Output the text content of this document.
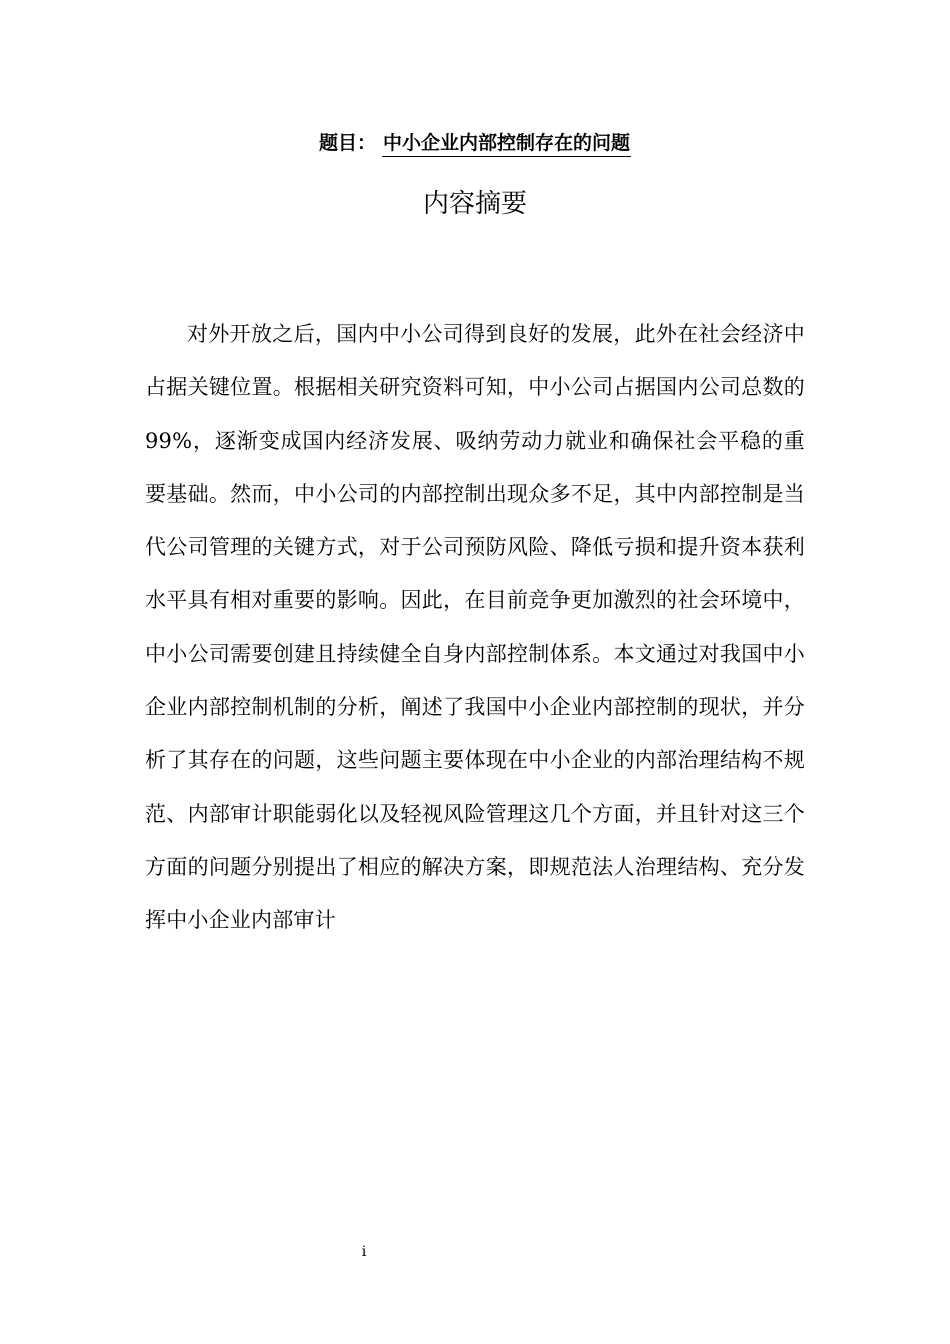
题目： 中小企业内部控制存在的问题
内容摘要

对外开放之后，国内中小公司得到良好的发展，此外在社会经济中占据关键位置。根据相关研究资料可知，中小公司占据国内公司总数的99%，逐渐变成国内经济发展、吸纳劳动力就业和确保社会平稳的重要基础。然而，中小公司的内部控制出现众多不足，其中内部控制是当代公司管理的关键方式，对于公司预防风险、降低亏损和提升资本获利水平具有相对重要的影响。因此，在目前竞争更加激烈的社会环境中，中小公司需要创建且持续健全自身内部控制体系。本文通过对我国中小企业内部控制机制的分析，阐述了我国中小企业内部控制的现状，并分析了其存在的问题，这些问题主要体现在中小企业的内部治理结构不规范、内部审计职能弱化以及轻视风险管理这几个方面，并且针对这三个方面的问题分别提出了相应的解决方案，即规范法人治理结构、充分发挥中小企业内部审计

i
